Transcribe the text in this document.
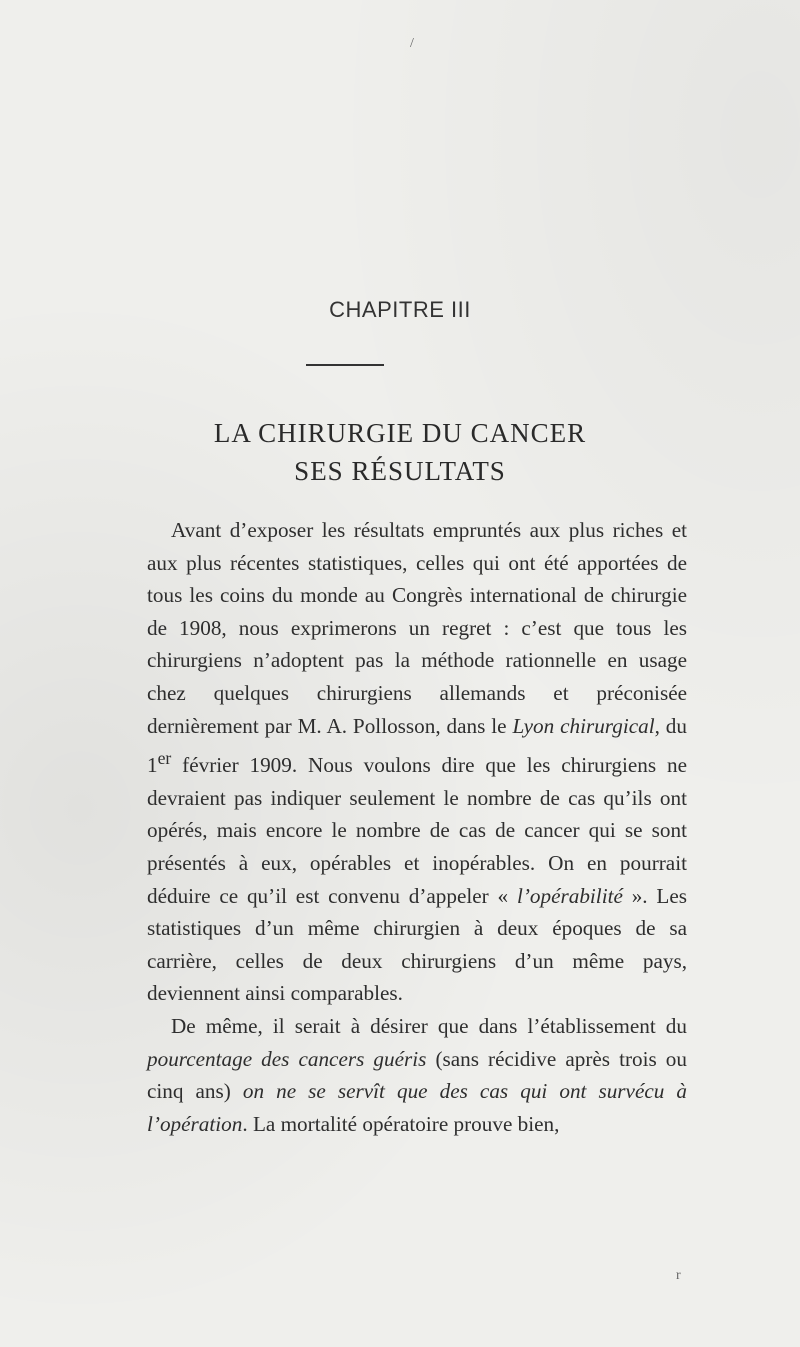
/
CHAPITRE III
LA CHIRURGIE DU CANCER
SES RÉSULTATS

Avant d’exposer les résultats empruntés aux plus riches et aux plus récentes statistiques, celles qui ont été apportées de tous les coins du monde au Congrès international de chirurgie de 1908, nous exprimerons un regret : c’est que tous les chirurgiens n’adoptent pas la méthode rationnelle en usage chez quelques chirurgiens allemands et préconisée dernièrement par M. A. Pollosson, dans le Lyon chirurgical, du 1er février 1909. Nous voulons dire que les chirurgiens ne devraient pas indiquer seulement le nombre de cas qu’ils ont opérés, mais encore le nombre de cas de cancer qui se sont présentés à eux, opérables et inopérables. On en pourrait déduire ce qu’il est convenu d’appeler « l’opérabilité ». Les statistiques d’un même chirurgien à deux époques de sa carrière, celles de deux chirurgiens d’un même pays, deviennent ainsi comparables.

De même, il serait à désirer que dans l’établissement du pourcentage des cancers guéris (sans récidive après trois ou cinq ans) on ne se servît que des cas qui ont survécu à l’opération. La mortalité opératoire prouve bien,

r
